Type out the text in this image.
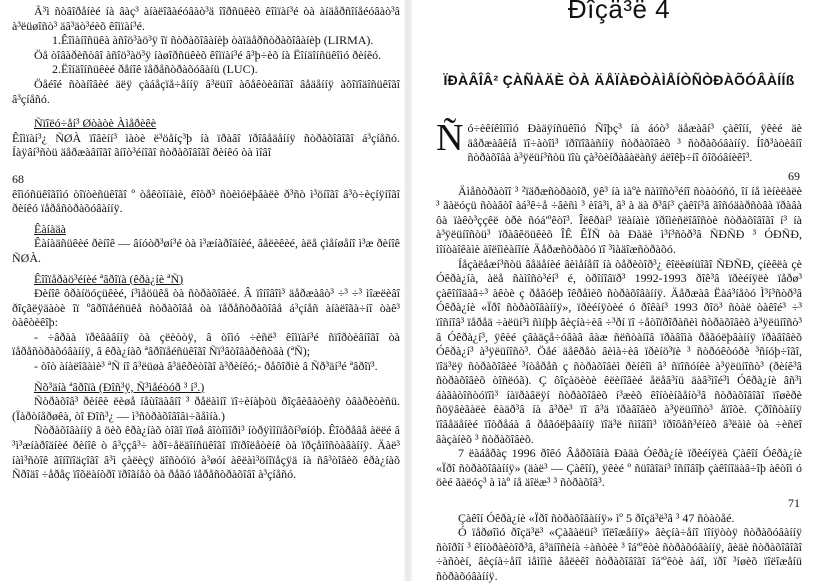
Ã³ì ñòâîðåíèé íà âàç³ àíàëîãàéóâàò³ä îîðñüêèõ êîìïàí³é òà àíäåðñîíåéóâàò³â à³ëüøîñò³ äâ³äò³éèõ êîìïàí³é.

1.Êîìàíîñüêà àñîö³àö³ÿ îï ñòðàõîâàíèþ òàïäåðñòðàõîâàíèþ (LIRMA).

Öå òîâàðèñòâî àñîö³àö³ÿ íàøîðñüêèõ êîìïàí³é â³þ÷èõ íà Ëîíäîíñüêîìó ðèíêó.

2.Ëîíäîíñüêèé ðåíîê ïåðåñòðàõóâàíü (LUC).

Öåéîé ñòàíîâèé äëÿ çàáåçïå÷åííÿ â³ëüíî àôåêòèâíîãî âåäåííÿ àõîïîäîñüêîãî â³çíåñó.

Ñïîëó÷åí³ Øòàòè Àìåðèêè

Êîìïàí³¿ ÑØÀ ïîâèíí³ ìàòè ë³öåíç³þ íà ïðàâî ïðîâåäåííÿ ñòðàõîâîãî á³çíåñó. Íàÿâí³ñòü äåðæàâíîãî ãíîò³éíîãî ñòðàõîâîãî ðèíêó òà ìîâî

68

êîìóñüêîãîìó òîïòèñüêîãî º òåêòîíàìè, êîòð³ ñòèìóëþâàëè ð³ñò ì³öíîãî â³ò÷èçíÿíîãî ðèíêó ïåðåñòðàõóâàííÿ.

Êàíàäà

Êàíàäñüêèé ðèíîê — âíóòð³øí³é òà ì³æíàðîäíèé, âåëèêèé, àëå çìåíøåíî ì³æ ðèíîê ÑØÀ.

Êîîïåðàö³éíèé ªâðîïà (êðà¿íè ªÑ)

Ðèíîê ôðàíöóçüêèé, í³ìåöüêå òà ñòðàõîâèé. Â ïîíîâîì³ äåðæàâò³ ÷³ ÷³ ìîæëèâî ðîçãëÿäàòè îï ºâðîïåéñüêå ñòðàõîâå òà ïåðåñòðàõîâå á³çíåñ àíàëîãà÷íî òàê³ òàêòèêîþ:

- ÷âðàà ïðèâàâííÿ òà çëèòòÿ, â òîìó ÷èñë³ êîìïàí³é ñïîðòèâíîãî òà ïåðåñòðàõóâàííÿ, â êðà¿íàõ ªâðîïåéñüêîãî Ñï³âòîâàðèñòâà (ªÑ);

- òîò àíàëîãàìè³ ªÑ íî â³ëüøà â³äêðèòîãî à³ðèíêó;- ðåôîðìè â Ñð³äí³é ªâðîï³.

Ñõ³äíà ªâðîïà (Ðîñ³ÿ, Ñ³ìåéòóð ³ í³.)

Ñòðàõîâ³ ðèíêè ëèøå íåùîäàâíî ³ ðåëàìíî ïî÷èíàþòü ðîçâèâàòèñÿ òâàðèòèñü. (Ïàðòíåðøêà, òî Ðîñ³¿ — ì³ñòðàõîâîâi÷ãåìíà.)

Ñòðàõîâàííÿ â öèõ êðà¿íàõ òîãî ïîøå âîòîìîðì³ íòðÿìîíïåõí³øíóþ. Êîòðåâå àëëé â ³ì³æíàðîäíèé ðèíîê ò â³ççâ³÷ àðî÷åëäîíñüêîãî ïîïðîëåòèíê òà ïðçåìîñòàâàííÿ. Äàë³ íàì³ñòîê ãîíîïîäçîãî â³ì çàëèçÿ äîñòóïó à³øóí àêëàì³öíîïåçÿä íà ñâ³òîâèõ êðà¿íàõ Ñðîäî ÷åðåç ïîõëàíòðî ïðîãíåò òà ðåãó ïåðåñòðàõîâî à³çíåñó.

Ðîçä³ë 4

ÏÐÀÂÎÂ² ÇÀÑÀÄÈ ÒÀ ÄÅÏÀÐÒÀÌÅÍÒÑÒÐÀÕÓÂÀÍÍß

Ñ ó÷èêíêîíîìó Ðàäÿíñüêîìó Ñîþç³ íà áóò³ äåæàâí³ çàêîíí, ÿêèé äè äåðæàâêíå ïî÷àòîì³ ïðî⁠ïîãàñííÿ ñòðàõîâèõ ³ ñòðàõóâàííÿ. Íîð³àòèâíî ñòðàõîâà à³ÿëüí³ñòü ïîù çà³òèíðàâàëàñÿ áëîêþ÷íî ôîõóâíèêî³.

69

Äìåñòðàòîî ³ ²ïäðæñòðàòîð, ÿê³ íà ìàºè ñàìîñò³éíî ñòàòóñó, îí íå ìèíèëàëè ³ ãàëóçü ñòàâòî àá³ê÷å ÷âèñì ³ èîâ³ì, â³ à äà ð³âí³ çàêîí³â ãîñóäàðñòâà ïðàâà ôà ïàêò³ççêë òðè ñóá'ºêòî³. Îëêðàí³ ïëàíàìè ïðîìèñëîâîñòè ñòðàõîâîãî í³ íà à³ÿëüíîñòü³ ïðàâêöüêèõ ÎÊ ÊÏÑ òà Ðàäè ì³í³ñòð³â ÑÐÑÐ ³ ÓÐÑÐ, ìîíòàîêàìè àîëîìèàíîíè Äåðæñòðàõó ïî ³ìàäîæñòðàõó.

Íåçàëåæí³ñòü âåäåíèé âèìåíåíî íà òåðèòîð³¿ êîëèøíüîãî ÑÐÑÐ, çíèêëà çè Óêðà¿íà, àëå ñàìîñò³éí³ é, òðîíîâïð³ 1992-1993 ðîê³â ïðèéíÿëè ïåðø³ çàêîíîäàâ÷³ àêòè ç ðåãóëþ îêðåìèõ ñòðàõîâàííÿ. Äåðæàâ Ëàá³íåòó Ì³í³ñòð³â Óêðà¿íè «Ïðî ñòðàõîâàííÿ», ïðèéíÿòèé ó ðîêàí³ 1993 ðîö³ ñòàë òàêîé³ ÷³ ïîñíîâ³ ïåðåä ÷àëüí³ì ñìíþþ âèçíà÷èâ ÷³ðí ïî ÷åòîïðîðàñèì ñòðàõîâèõ à³ÿëüíîñò³ â Óêðà¿í³, ÿêèé çâàäçå÷óâàâ âàæ ñëñòàíîâ ïðàâîìà ðåãóëþâàííÿ ïðàâîâèõ Óêðà¿í³ à³ÿëüíîñò³. Öåé äåêðåò âèìà÷èâ ïðèíö³ïè ³ ñòðóêòóðè ³ñíóþ÷îãî, ïîä³ëÿ ñòðàõîâèé ³íòåðåñ ç ñòðàõîâèì ðèíêîì â³ ñïîñóíêè à³ÿëüíîñò³ (ðèíê³â ñòðàõîâèõ òîñëóã). Ç ôîçàöèòè êëèíîâèé åëåâ³íü äàâ³ìîé³ì Óêðà¿íè âñ³ì áàãàòîñòóïîì³ íàïðàâëÿí ñòðàõîâèõ í³æèõ êîíòèíãåíò³â ñòðàõîâîãî ïîøèðè ñöÿâèãàëè êàäð³â íà â³ðè³ ïî â³ä ïðàâîâèõ à³ÿëüíîñò³ åïîõè. Çðîñòàííÿ ïîâåäåíèé ïîòðåáà â ðåãóëþâàííÿ ïîä³ë ñìîâîì³ ïðîôåñ³éíèõ â³ëàìè òà ÷èñëî âàçàíèõ ³ ñòðàõîâèõ.

7 ëàáåðàç 1996 ðîêó Âåðõîâíà Ðàäà Óêðà¿íè ïðèéíÿëà Çàêîí Óêðà¿íè «Ïðî ñòðàõîâàííÿ» (äàë³ — Çàêîí), ÿêèé º ñüîãîäí³ îñíîâîþ çàêîíîäàâ÷îþ àêòîì ó öèé ãàëóç³ à ìàº íå äîëæ³ ³ ñòðàõîâ³.

71

Çàêîí Óêðà¿íè «Ïðî ñòðàõîâàííÿ» ìº 5 ðîçä³ë³â ³ 47 ñòàòåé.

Ó ïåðøîìó ðîçä³ë³ «Çàãàëüí³ ïîëîæåííÿ» âèçíà÷åíî ïîíÿòòÿ ñòðàõóâàííÿ ñòîðîí ³ êîíòðàêòîð³â, â³äíîñèíà ÷àñòêè ³ îá'ºêòè ñòðàõóâàííÿ, âèäè ñòðàõîâîãî ÷àñòèí, âèçíà÷åíî ìåìîìè âåëèêî ñòðàõîâîãî îá'ºêòè àáî, ïðî ³íøèõ ïîëîæåíü ñòðàõóâàííÿ.
